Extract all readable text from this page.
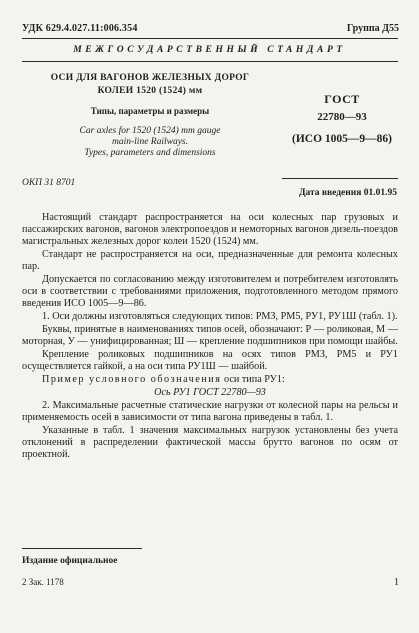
УДК 629.4.027.11:006.354	Группа Д55
МЕЖГОСУДАРСТВЕННЫЙ СТАНДАРТ
ОСИ ДЛЯ ВАГОНОВ ЖЕЛЕЗНЫХ ДОРОГ
КОЛЕИ 1520 (1524) мм
Типы, параметры и размеры
Car axles for 1520 (1524) mm gauge
main-line Railways.
Types, parameters and dimensions
ГОСТ
22780—93
(ИСО 1005—9—86)
ОКП 31 8701
Дата введения 01.01.95

Настоящий стандарт распространяется на оси колесных пар грузовых и пассажирских вагонов, вагонов электропоездов и немоторных вагонов дизель-поездов магистральных железных дорог колеи 1520 (1524) мм.

Стандарт не распространяется на оси, предназначенные для ремонта колесных пар.

Допускается по согласованию между изготовителем и потребителем изготовлять оси в соответствии с требованиями приложения, подготовленного методом прямого введения ИСО 1005—9—86.

1. Оси должны изготовляться следующих типов: РМЗ, РМ5, РУ1, РУ1Ш (табл. 1).

Буквы, принятые в наименованиях типов осей, обозначают: Р — роликовая, М — моторная, У — унифицированная; Ш — крепление подшипников при помощи шайбы.

Крепление роликовых подшипников на осях типов РМЗ, РМ5 и РУ1 осуществляется гайкой, а на оси типа РУ1Ш — шайбой.

Пример условного обозначения оси типа РУ1:

Ось РУ1 ГОСТ 22780—93

2. Максимальные расчетные статические нагрузки от колесной пары на рельсы и применяемость осей в зависимости от типа вагона приведены в табл. 1.

Указанные в табл. 1 значения максимальных нагрузок установлены без учета отклонений в распределении фактической массы брутто вагонов по осям от проектной.

Издание официальное
2 Зак. 1178	1
